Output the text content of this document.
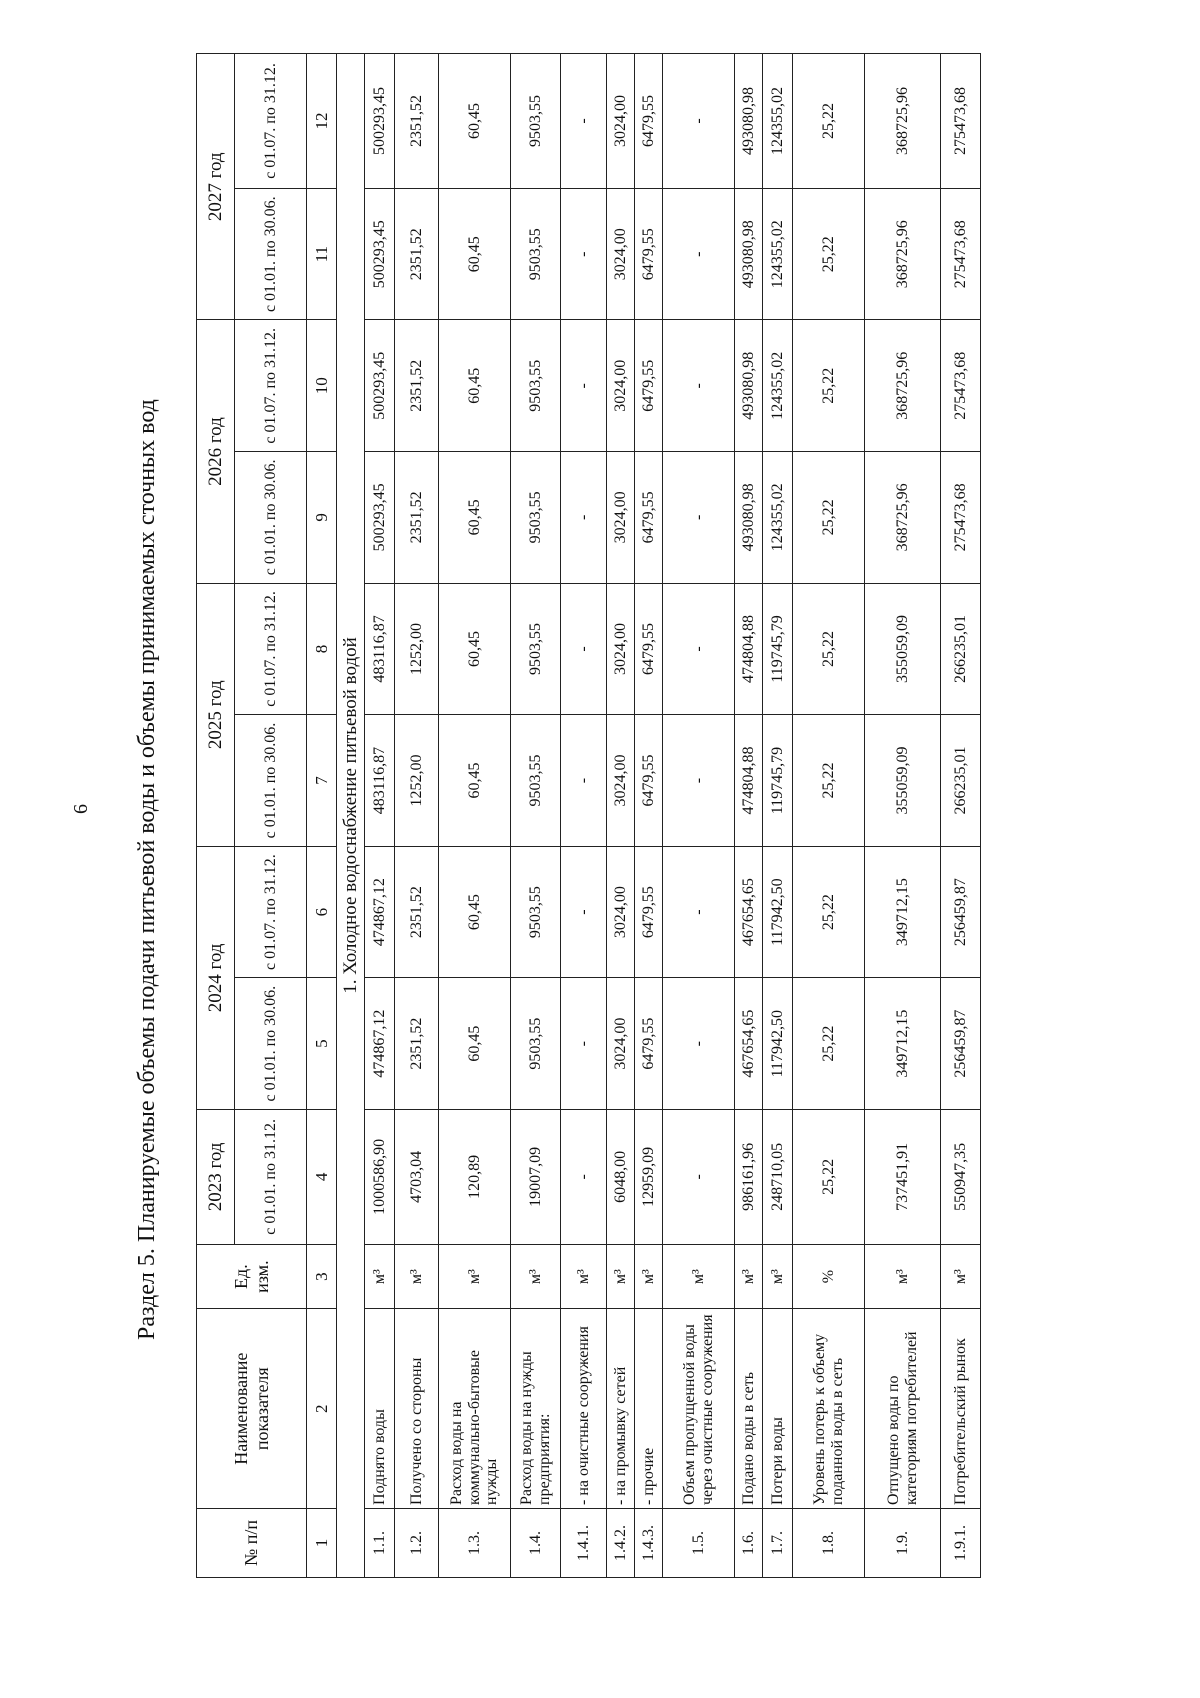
6 Раздел 5. Планируемые объемы подачи питьевой воды и объемы принимаемых сточных вод
№ п/п	Наименование показателя	Ед. изм.	2023 год	2024 год		2025 год		2026 год		2027 год	
			с 01.01. по 31.12.	с 01.01. по 30.06.	с 01.07. по 31.12.	с 01.01. по 30.06.	с 01.07. по 31.12.	с 01.01. по 30.06.	с 01.07. по 31.12.	с 01.01. по 30.06.	с 01.07. по 31.12.
1	2	3	4	5	6	7	8	9	10	11	12
1. Холодное водоснабжение питьевой водой											
1.1.	Поднято воды	м³	1000586,90	474867,12	474867,12	483116,87	483116,87	500293,45	500293,45	500293,45	500293,45
1.2.	Получено со стороны	м³	4703,04	2351,52	2351,52	1252,00	1252,00	2351,52	2351,52	2351,52	2351,52
1.3.	Расход воды на коммунально-бытовые нужды	м³	120,89	60,45	60,45	60,45	60,45	60,45	60,45	60,45	60,45
1.4.	Расход воды на нужды предприятия:	м³	19007,09	9503,55	9503,55	9503,55	9503,55	9503,55	9503,55	9503,55	9503,55
1.4.1.	- на очистные сооружения	м³	-	-	-	-	-	-	-	-	-
1.4.2.	- на промывку сетей	м³	6048,00	3024,00	3024,00	3024,00	3024,00	3024,00	3024,00	3024,00	3024,00
1.4.3.	- прочие	м³	12959,09	6479,55	6479,55	6479,55	6479,55	6479,55	6479,55	6479,55	6479,55
1.5.	Объем пропущенной воды через очистные сооружения	м³	-	-	-	-	-	-	-	-	-
1.6.	Подано воды в сеть	м³	986161,96	467654,65	467654,65	474804,88	474804,88	493080,98	493080,98	493080,98	493080,98
1.7.	Потери воды	м³	248710,05	117942,50	117942,50	119745,79	119745,79	124355,02	124355,02	124355,02	124355,02
1.8.	Уровень потерь к объему поданной воды в сеть	%	25,22	25,22	25,22	25,22	25,22	25,22	25,22	25,22	25,22
1.9.	Отпущено воды по категориям потребителей	м³	737451,91	349712,15	349712,15	355059,09	355059,09	368725,96	368725,96	368725,96	368725,96
1.9.1.	Потребительский рынок	м³	550947,35	256459,87	256459,87	266235,01	266235,01	275473,68	275473,68	275473,68	275473,68
